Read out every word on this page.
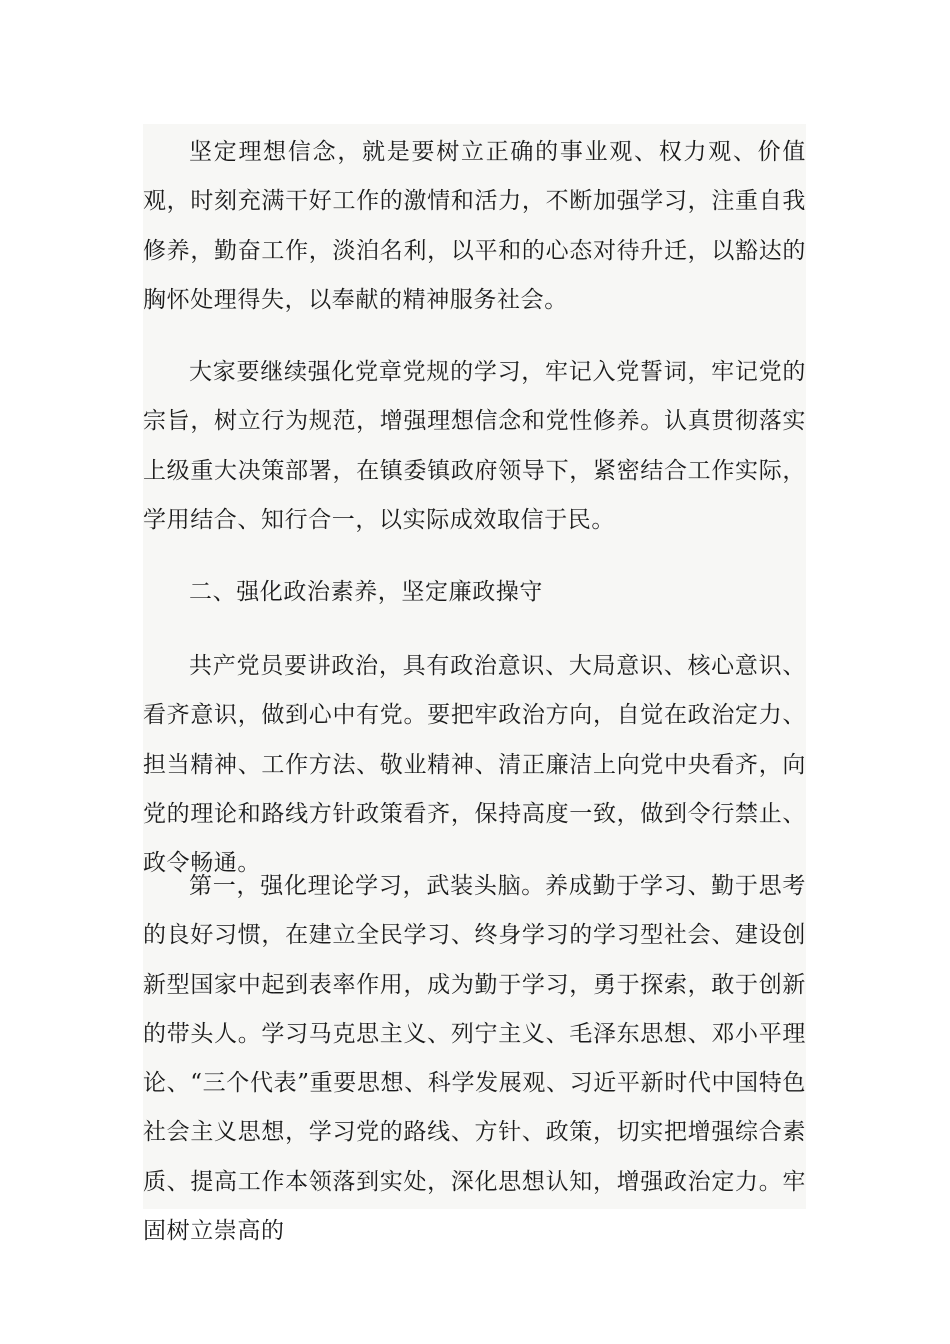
坚定理想信念，就是要树立正确的事业观、权力观、价值观，时刻充满干好工作的激情和活力，不断加强学习，注重自我修养，勤奋工作，淡泊名利，以平和的心态对待升迁，以豁达的胸怀处理得失，以奉献的精神服务社会。

大家要继续强化党章党规的学习，牢记入党誓词，牢记党的宗旨，树立行为规范，增强理想信念和党性修养。认真贯彻落实上级重大决策部署，在镇委镇政府领导下，紧密结合工作实际，学用结合、知行合一，以实际成效取信于民。

二、强化政治素养，坚定廉政操守

共产党员要讲政治，具有政治意识、大局意识、核心意识、看齐意识，做到心中有党。要把牢政治方向，自觉在政治定力、担当精神、工作方法、敬业精神、清正廉洁上向党中央看齐，向党的理论和路线方针政策看齐，保持高度一致，做到令行禁止、政令畅通。

第一，强化理论学习，武装头脑。养成勤于学习、勤于思考的良好习惯，在建立全民学习、终身学习的学习型社会、建设创新型国家中起到表率作用，成为勤于学习，勇于探索，敢于创新的带头人。学习马克思主义、列宁主义、毛泽东思想、邓小平理论、“三个代表”重要思想、科学发展观、习近平新时代中国特色社会主义思想，学习党的路线、方针、政策，切实把增强综合素质、提高工作本领落到实处，深化思想认知，增强政治定力。牢固树立崇高的
